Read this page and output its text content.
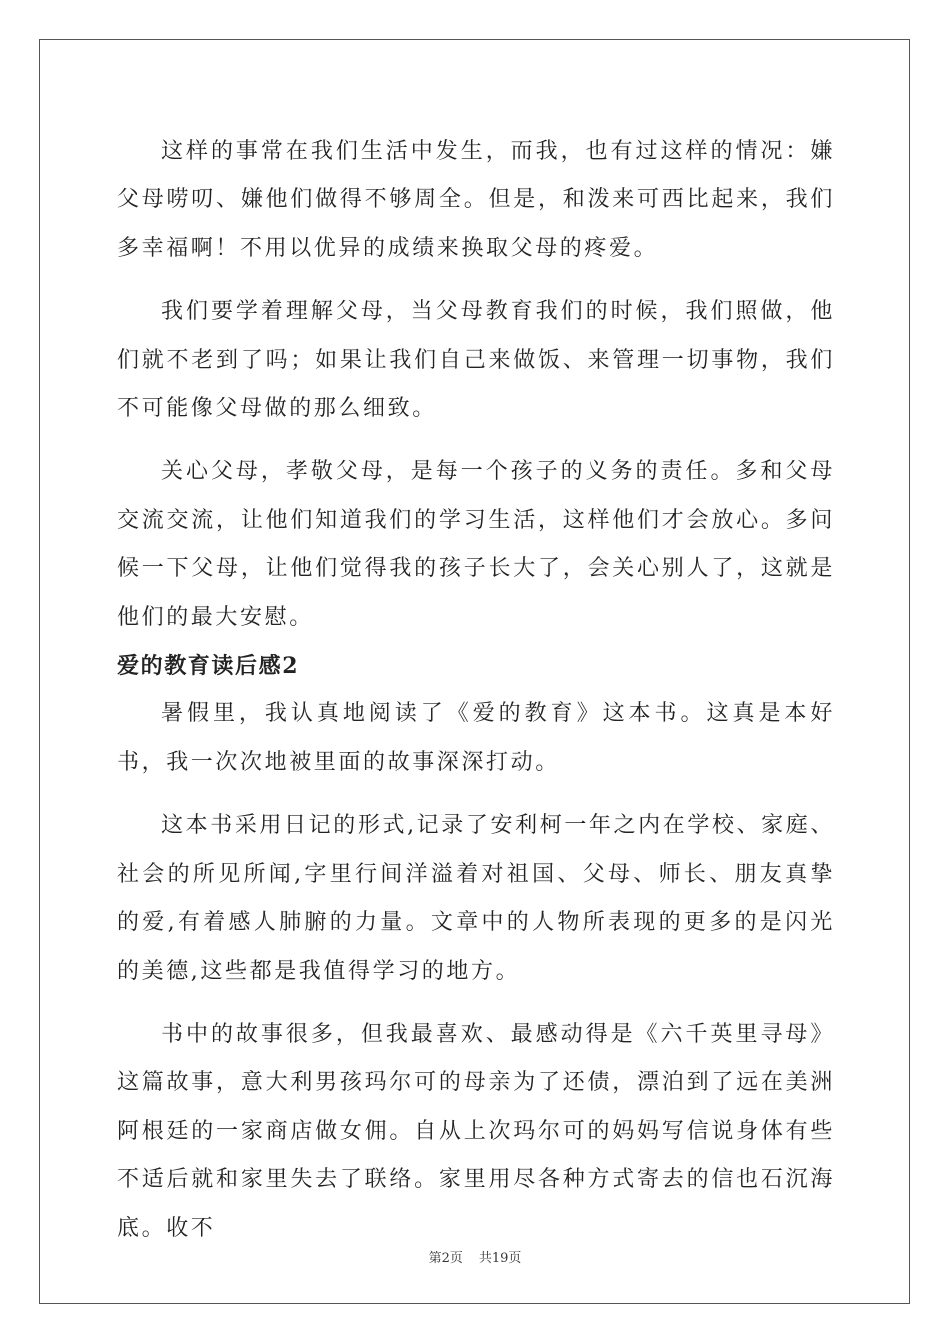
这样的事常在我们生活中发生，而我，也有过这样的情况：嫌父母唠叨、嫌他们做得不够周全。但是，和泼来可西比起来，我们多幸福啊！不用以优异的成绩来换取父母的疼爱。

我们要学着理解父母，当父母教育我们的时候，我们照做，他们就不老到了吗；如果让我们自己来做饭、来管理一切事物，我们不可能像父母做的那么细致。

关心父母，孝敬父母，是每一个孩子的义务的责任。多和父母交流交流，让他们知道我们的学习生活，这样他们才会放心。多问候一下父母，让他们觉得我的孩子长大了，会关心别人了，这就是他们的最大安慰。

爱的教育读后感2

暑假里，我认真地阅读了《爱的教育》这本书。这真是本好书，我一次次地被里面的故事深深打动。

这本书采用日记的形式,记录了安利柯一年之内在学校、家庭、社会的所见所闻,字里行间洋溢着对祖国、父母、师长、朋友真挚的爱,有着感人肺腑的力量。文章中的人物所表现的更多的是闪光的美德,这些都是我值得学习的地方。

书中的故事很多，但我最喜欢、最感动得是《六千英里寻母》这篇故事，意大利男孩玛尔可的母亲为了还债，漂泊到了远在美洲阿根廷的一家商店做女佣。自从上次玛尔可的妈妈写信说身体有些不适后就和家里失去了联络。家里用尽各种方式寄去的信也石沉海底。收不

第2页 共19页
